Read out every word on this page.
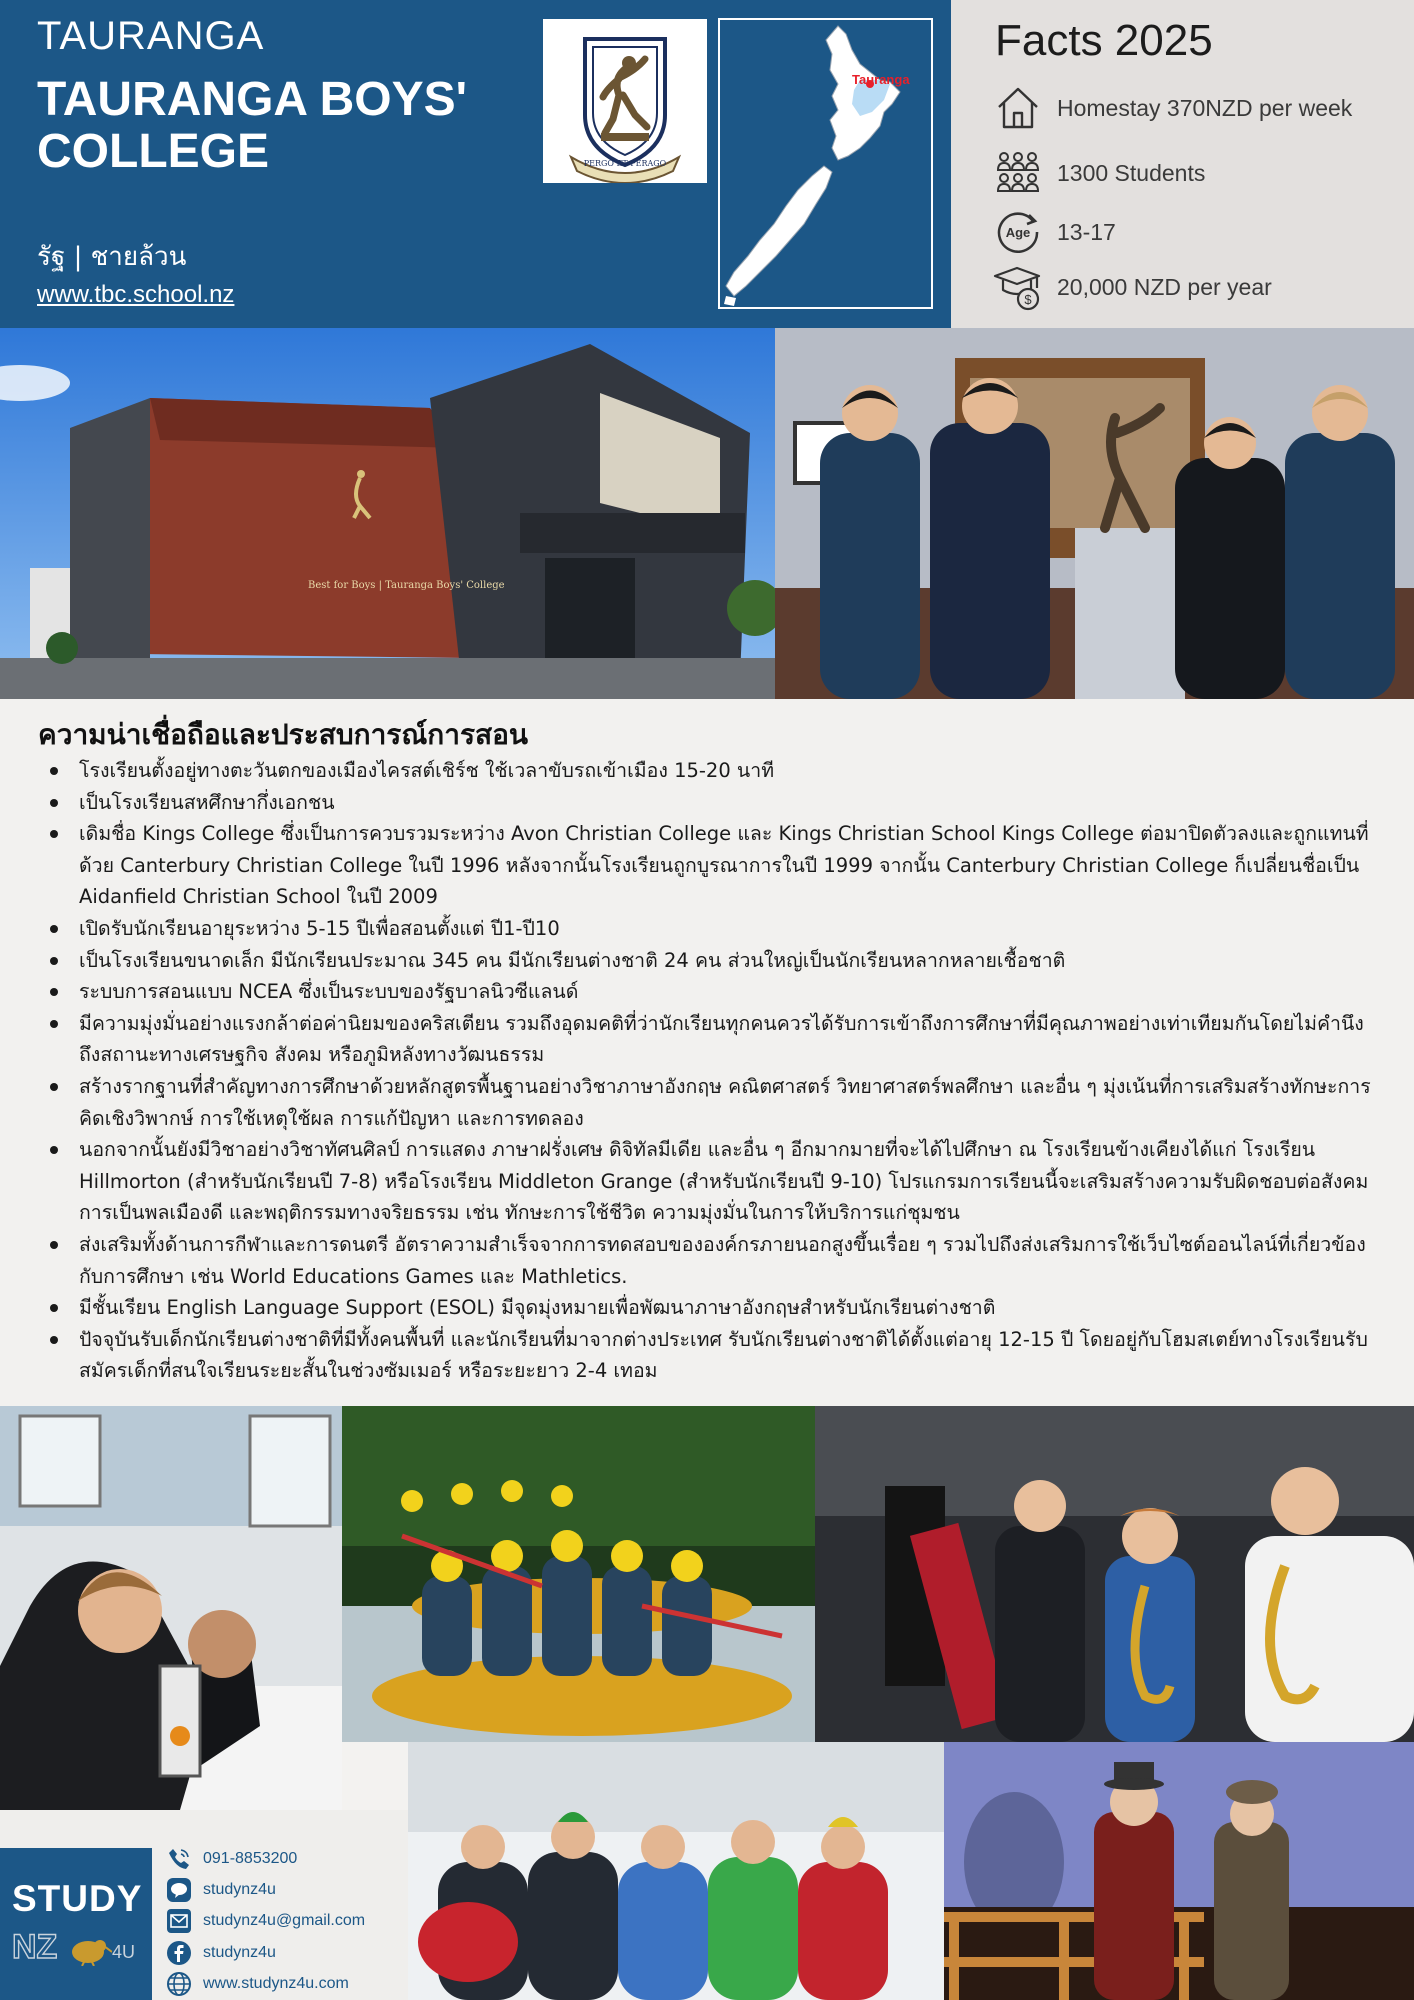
TAURANGA
TAURANGA BOYS' COLLEGE
รัฐ | ชายล้วน
www.tbc.school.nz
PERGO ET PERAGO
Tauranga
Facts 2025
Homestay 370NZD per week
1300 Students
Age 13-17
$ 20,000 NZD per year
Best for Boys | Tauranga Boys' College
ความน่าเชื่อถือและประสบการณ์การสอน
โรงเรียนตั้งอยู่ทางตะวันตกของเมืองไครสต์เชิร์ช ใช้เวลาขับรถเข้าเมือง 15-20 นาที
เป็นโรงเรียนสหศึกษากึ่งเอกชน
เดิมชื่อ Kings College ซึ่งเป็นการควบรวมระหว่าง Avon Christian College และ Kings Christian School Kings College ต่อมาปิดตัวลงและถูกแทนที่ด้วย Canterbury Christian College ในปี 1996 หลังจากนั้นโรงเรียนถูกบูรณาการในปี 1999 จากนั้น Canterbury Christian College ก็เปลี่ยนชื่อเป็น Aidanfield Christian School ในปี 2009
เปิดรับนักเรียนอายุระหว่าง 5-15 ปีเพื่อสอนตั้งแต่ ปี1-ปี10
เป็นโรงเรียนขนาดเล็ก มีนักเรียนประมาณ 345 คน มีนักเรียนต่างชาติ 24 คน ส่วนใหญ่เป็นนักเรียนหลากหลายเชื้อชาติ
ระบบการสอนแบบ NCEA ซึ่งเป็นระบบของรัฐบาลนิวซีแลนด์
มีความมุ่งมั่นอย่างแรงกล้าต่อค่านิยมของคริสเตียน รวมถึงอุดมคติที่ว่านักเรียนทุกคนควรได้รับการเข้าถึงการศึกษาที่มีคุณภาพอย่างเท่าเทียมกันโดยไม่คำนึงถึงสถานะทางเศรษฐกิจ สังคม หรือภูมิหลังทางวัฒนธรรม
สร้างรากฐานที่สำคัญทางการศึกษาด้วยหลักสูตรพื้นฐานอย่างวิชาภาษาอังกฤษ คณิตศาสตร์ วิทยาศาสตร์พลศึกษา และอื่น ๆ มุ่งเน้นที่การเสริมสร้างทักษะการคิดเชิงวิพากษ์ การใช้เหตุใช้ผล การแก้ปัญหา และการทดลอง
นอกจากนั้นยังมีวิชาอย่างวิชาทัศนศิลป์ การแสดง ภาษาฝรั่งเศษ ดิจิทัลมีเดีย และอื่น ๆ อีกมากมายที่จะได้ไปศึกษา ณ โรงเรียนข้างเคียงได้แก่ โรงเรียน Hillmorton (สำหรับนักเรียนปี 7-8) หรือโรงเรียน Middleton Grange (สำหรับนักเรียนปี 9-10) โปรแกรมการเรียนนี้จะเสริมสร้างความรับผิดชอบต่อสังคม การเป็นพลเมืองดี และพฤติกรรมทางจริยธรรม เช่น ทักษะการใช้ชีวิต ความมุ่งมั่นในการให้บริการแก่ชุมชน
ส่งเสริมทั้งด้านการกีฬาและการดนตรี อัตราความสำเร็จจากการทดสอบขององค์กรภายนอกสูงขึ้นเรื่อย ๆ รวมไปถึงส่งเสริมการใช้เว็บไซต์ออนไลน์ที่เกี่ยวข้องกับการศึกษา เช่น World Educations Games และ Mathletics.
มีชั้นเรียน English Language Support (ESOL) มีจุดมุ่งหมายเพื่อพัฒนาภาษาอังกฤษสำหรับนักเรียนต่างชาติ
ปัจจุบันรับเด็กนักเรียนต่างชาติที่มีทั้งคนพื้นที่ และนักเรียนที่มาจากต่างประเทศ รับนักเรียนต่างชาติได้ตั้งแต่อายุ 12-15 ปี โดยอยู่กับโฮมสเตย์ทางโรงเรียนรับสมัครเด็กที่สนใจเรียนระยะสั้นในช่วงซัมเมอร์ หรือระยะยาว 2-4 เทอม
STUDY
NZ	4U
091-8853200
studynz4u
studynz4u@gmail.com
studynz4u
www.studynz4u.com
